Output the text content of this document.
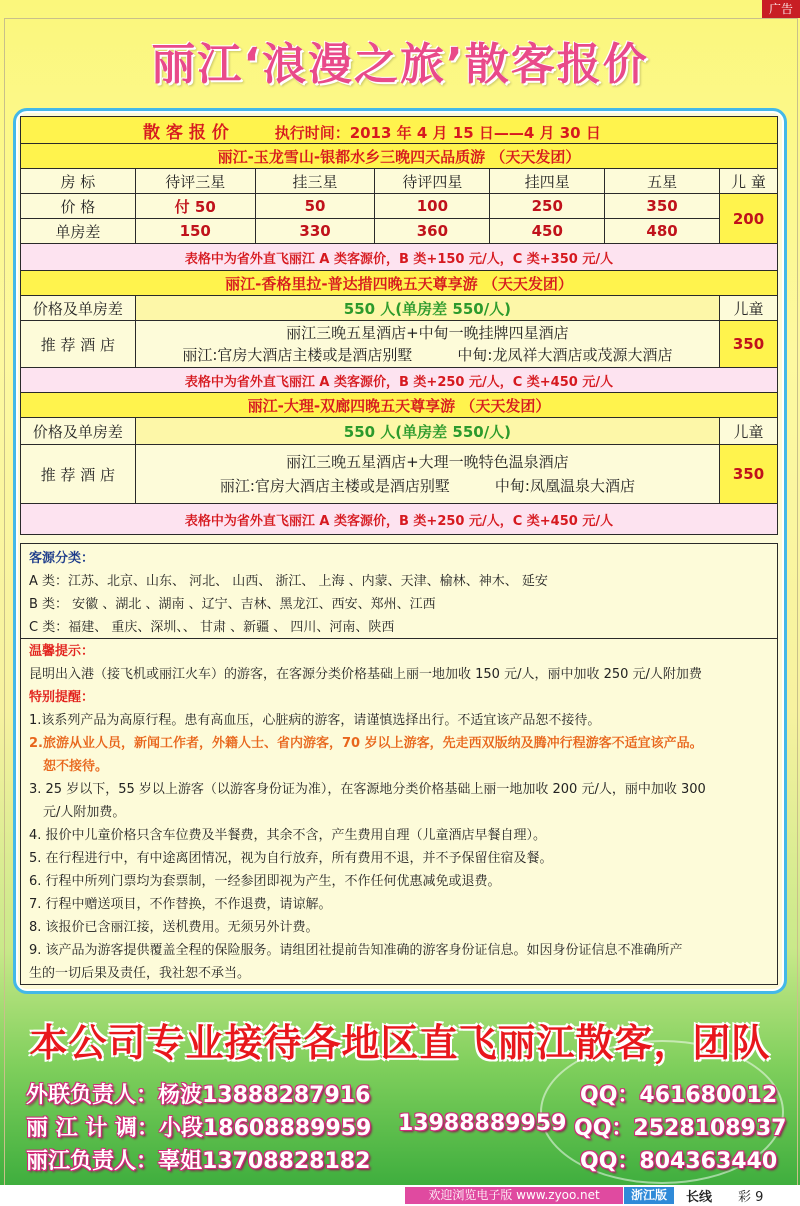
广告
丽江‘浪漫之旅’散客报价
散 客 报 价 执行时间：2013 年 4 月 15 日——4 月 30 日						
丽江-玉龙雪山-银都水乡三晚四天品质游 （天天发团）						
房 标	待评三星	挂三星	待评四星	挂四星	五星	儿 童
价 格	付 50	50	100	250	350	200
单房差	150	330	360	450	480	
表格中为省外直飞丽江 A 类客源价，B 类+150 元/人，C 类+350 元/人						
丽江-香格里拉-普达措四晚五天尊享游 （天天发团）						
价格及单房差	550 人(单房差 550/人)					儿童
推 荐 酒 店	丽江三晚五星酒店+中甸一晚挂牌四星酒店
丽江:官房大酒店主楼或是酒店别墅　　　中甸:龙凤祥大酒店或茂源大酒店					350
表格中为省外直飞丽江 A 类客源价，B 类+250 元/人，C 类+450 元/人						
丽江-大理-双廊四晚五天尊享游 （天天发团）						
价格及单房差	550 人(单房差 550/人)					儿童
推 荐 酒 店	丽江三晚五星酒店+大理一晚特色温泉酒店
丽江:官房大酒店主楼或是酒店别墅　　　中甸:凤凰温泉大酒店					350
表格中为省外直飞丽江 A 类客源价，B 类+250 元/人，C 类+450 元/人						
客源分类：
A 类：江苏、北京、山东、 河北、 山西、 浙江、 上海 、内蒙、天津、榆林、神木、 延安
B 类： 安徽 、湖北 、湖南 、辽宁、吉林、黑龙江、西安、郑州、江西
C 类：福建、 重庆、深圳、、 甘肃 、新疆 、 四川、河南、陕西
温馨提示：
昆明出入港（接飞机或丽江火车）的游客，在客源分类价格基础上丽一地加收 150 元/人，丽中加收 250 元/人附加费
特别提醒：
1.该系列产品为高原行程。患有高血压，心脏病的游客，请谨慎选择出行。不适宜该产品恕不接待。
2.旅游从业人员，新闻工作者，外籍人士、省内游客，70 岁以上游客，先走西双版纳及腾冲行程游客不适宜该产品。
恕不接待。
3. 25 岁以下，55 岁以上游客（以游客身份证为准），在客源地分类价格基础上丽一地加收 200 元/人，丽中加收 300
元/人附加费。
4. 报价中儿童价格只含车位费及半餐费，其余不含，产生费用自理（儿童酒店早餐自理）。
5. 在行程进行中，有中途离团情况，视为自行放弃，所有费用不退，并不予保留住宿及餐。
6. 行程中所列门票均为套票制，一经参团即视为产生，不作任何优惠减免或退费。
7. 行程中赠送项目，不作替换，不作退费，请谅解。
8. 该报价已含丽江接，送机费用。无须另外计费。
9. 该产品为游客提供覆盖全程的保险服务。请组团社提前告知准确的游客身份证信息。如因身份证信息不准确所产
生的一切后果及责任，我社恕不承当。
本公司专业接待各地区直飞丽江散客，团队
外联负责人：杨波13888287916	QQ：461680012
丽 江 计 调：小段18608889959 13988889959 QQ：2528108937
丽江负责人：辜姐13708828182	QQ：804363440
欢迎浏览电子版 www.zyoo.net	浙江版	长线 彩 9
